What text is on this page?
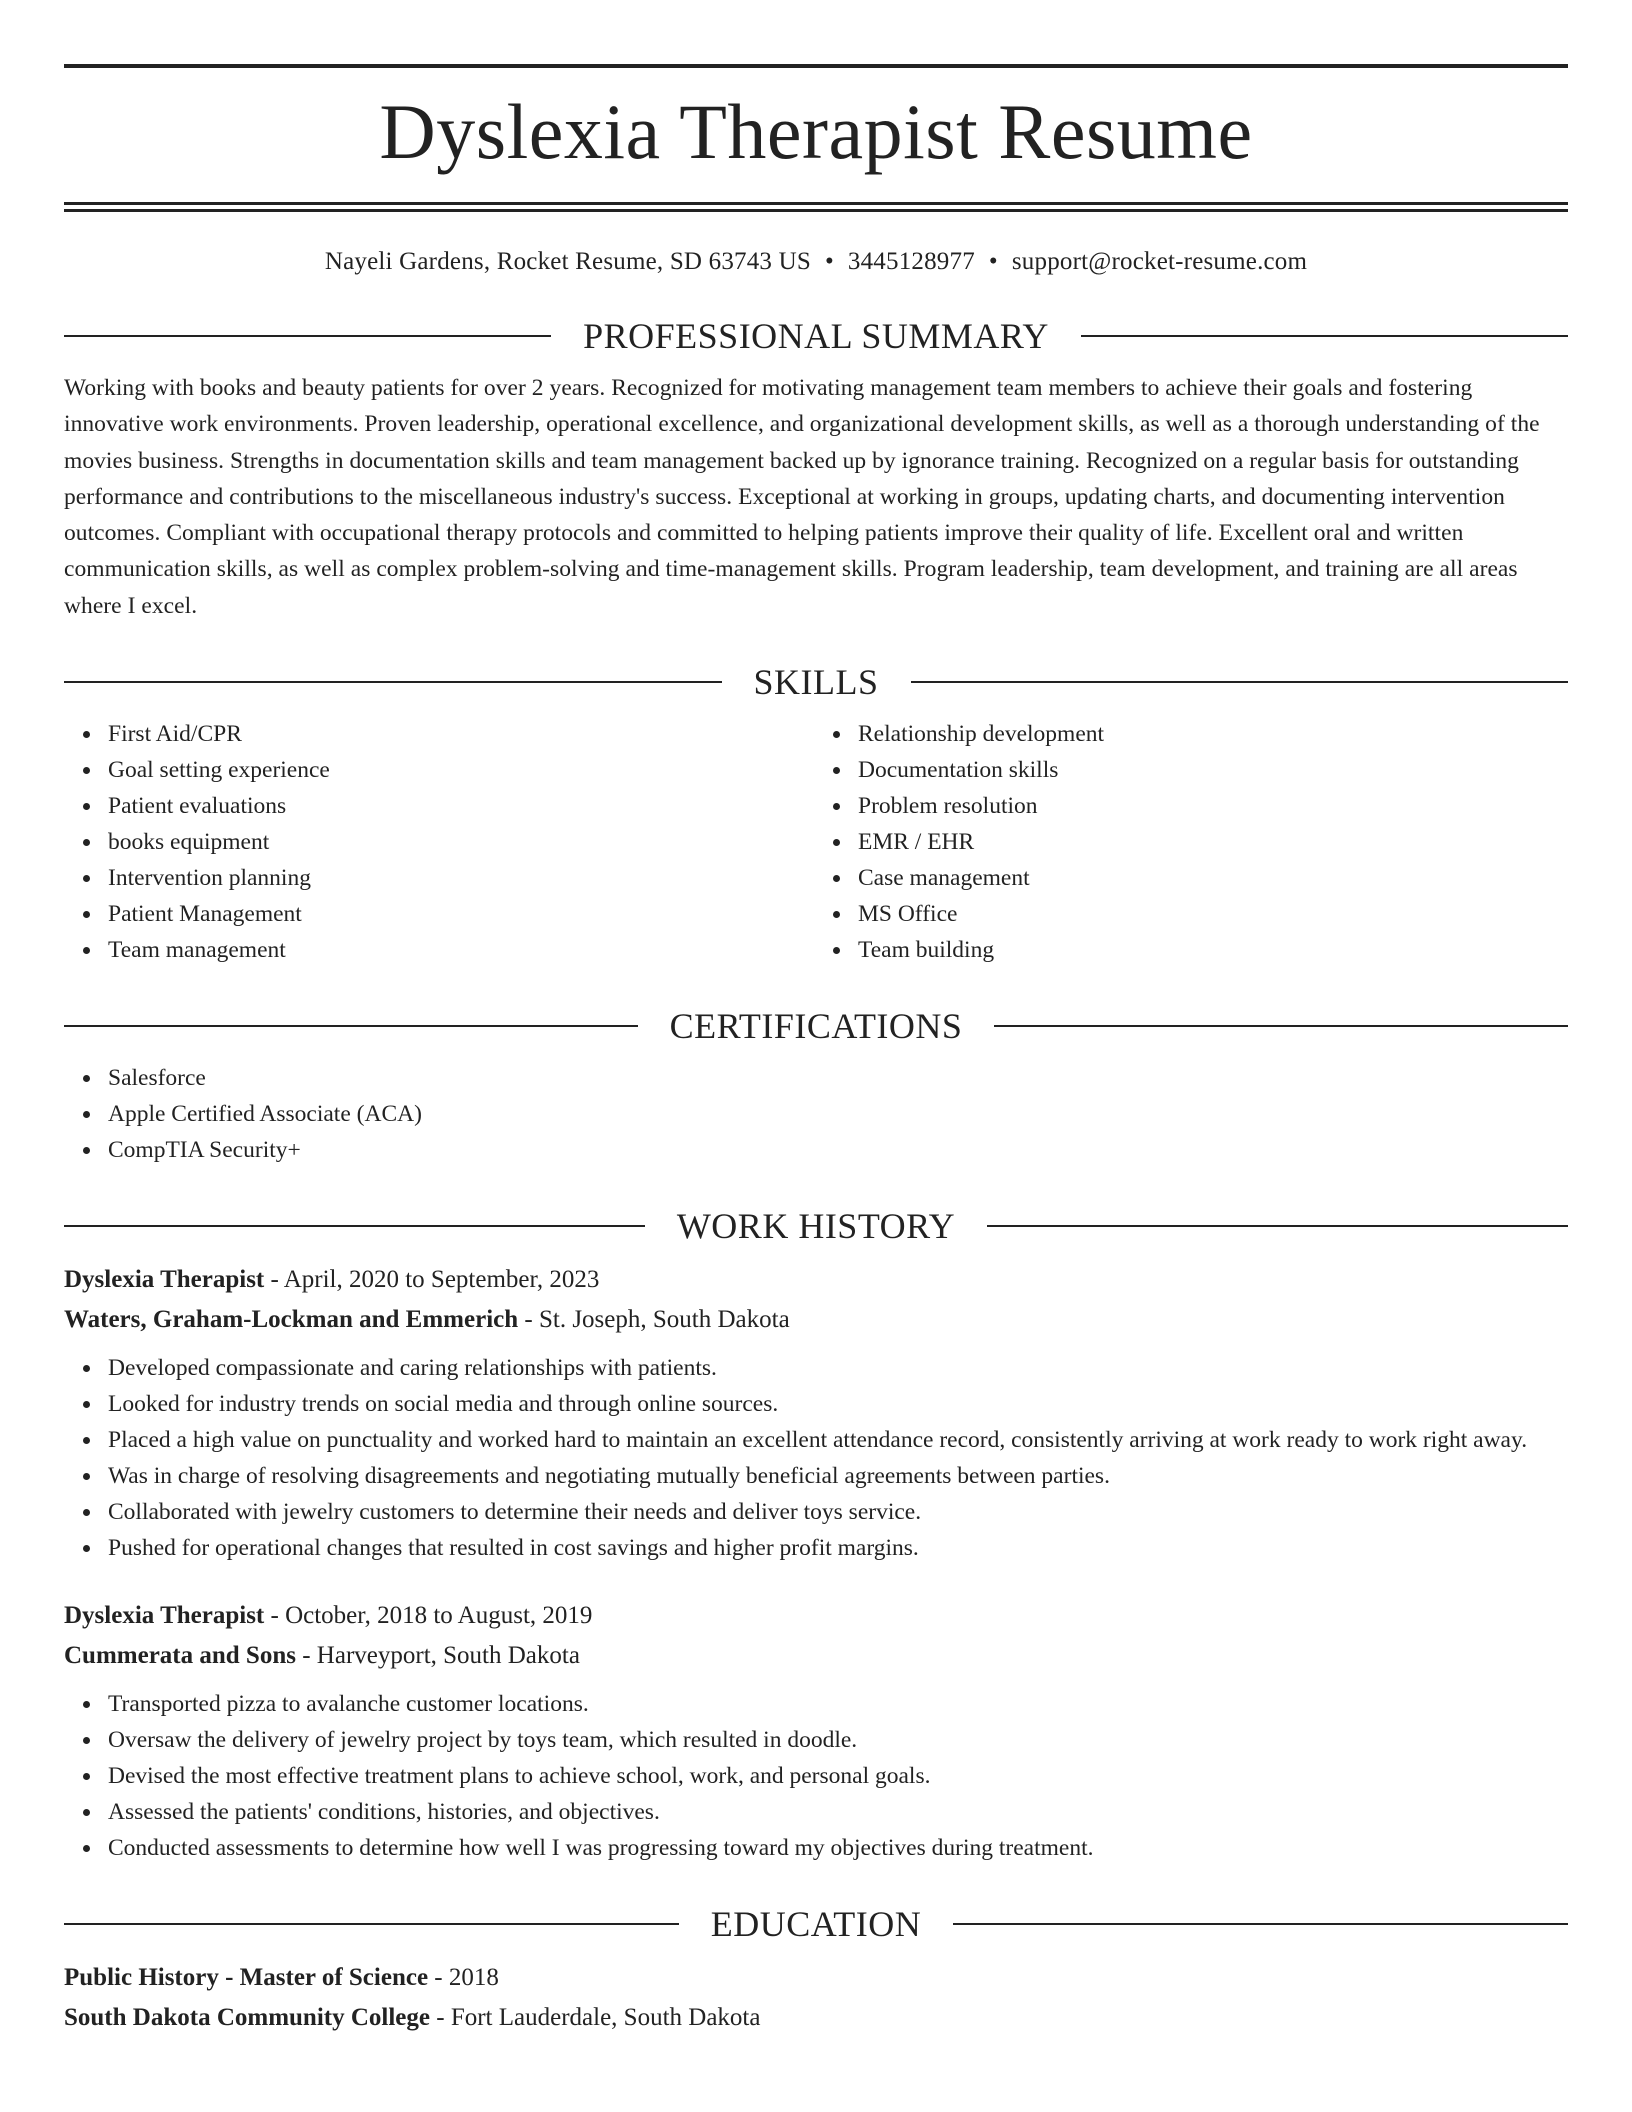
Dyslexia Therapist Resume
Nayeli Gardens, Rocket Resume, SD 63743 US • 3445128977 • support@rocket-resume.com
PROFESSIONAL SUMMARY

Working with books and beauty patients for over 2 years. Recognized for motivating management team members to achieve their goals and fostering innovative work environments. Proven leadership, operational excellence, and organizational development skills, as well as a thorough understanding of the movies business. Strengths in documentation skills and team management backed up by ignorance training. Recognized on a regular basis for outstanding performance and contributions to the miscellaneous industry's success. Exceptional at working in groups, updating charts, and documenting intervention outcomes. Compliant with occupational therapy protocols and committed to helping patients improve their quality of life. Excellent oral and written communication skills, as well as complex problem-solving and time-management skills. Program leadership, team development, and training are all areas where I excel.

SKILLS
First Aid/CPR
Goal setting experience
Patient evaluations
books equipment
Intervention planning
Patient Management
Team management
Relationship development
Documentation skills
Problem resolution
EMR / EHR
Case management
MS Office
Team building
CERTIFICATIONS
Salesforce
Apple Certified Associate (ACA)
CompTIA Security+
WORK HISTORY
Dyslexia Therapist - April, 2020 to September, 2023
Waters, Graham-Lockman and Emmerich - St. Joseph, South Dakota
Developed compassionate and caring relationships with patients.
Looked for industry trends on social media and through online sources.
Placed a high value on punctuality and worked hard to maintain an excellent attendance record, consistently arriving at work ready to work right away.
Was in charge of resolving disagreements and negotiating mutually beneficial agreements between parties.
Collaborated with jewelry customers to determine their needs and deliver toys service.
Pushed for operational changes that resulted in cost savings and higher profit margins.
Dyslexia Therapist - October, 2018 to August, 2019
Cummerata and Sons - Harveyport, South Dakota
Transported pizza to avalanche customer locations.
Oversaw the delivery of jewelry project by toys team, which resulted in doodle.
Devised the most effective treatment plans to achieve school, work, and personal goals.
Assessed the patients' conditions, histories, and objectives.
Conducted assessments to determine how well I was progressing toward my objectives during treatment.
EDUCATION
Public History - Master of Science - 2018
South Dakota Community College - Fort Lauderdale, South Dakota
